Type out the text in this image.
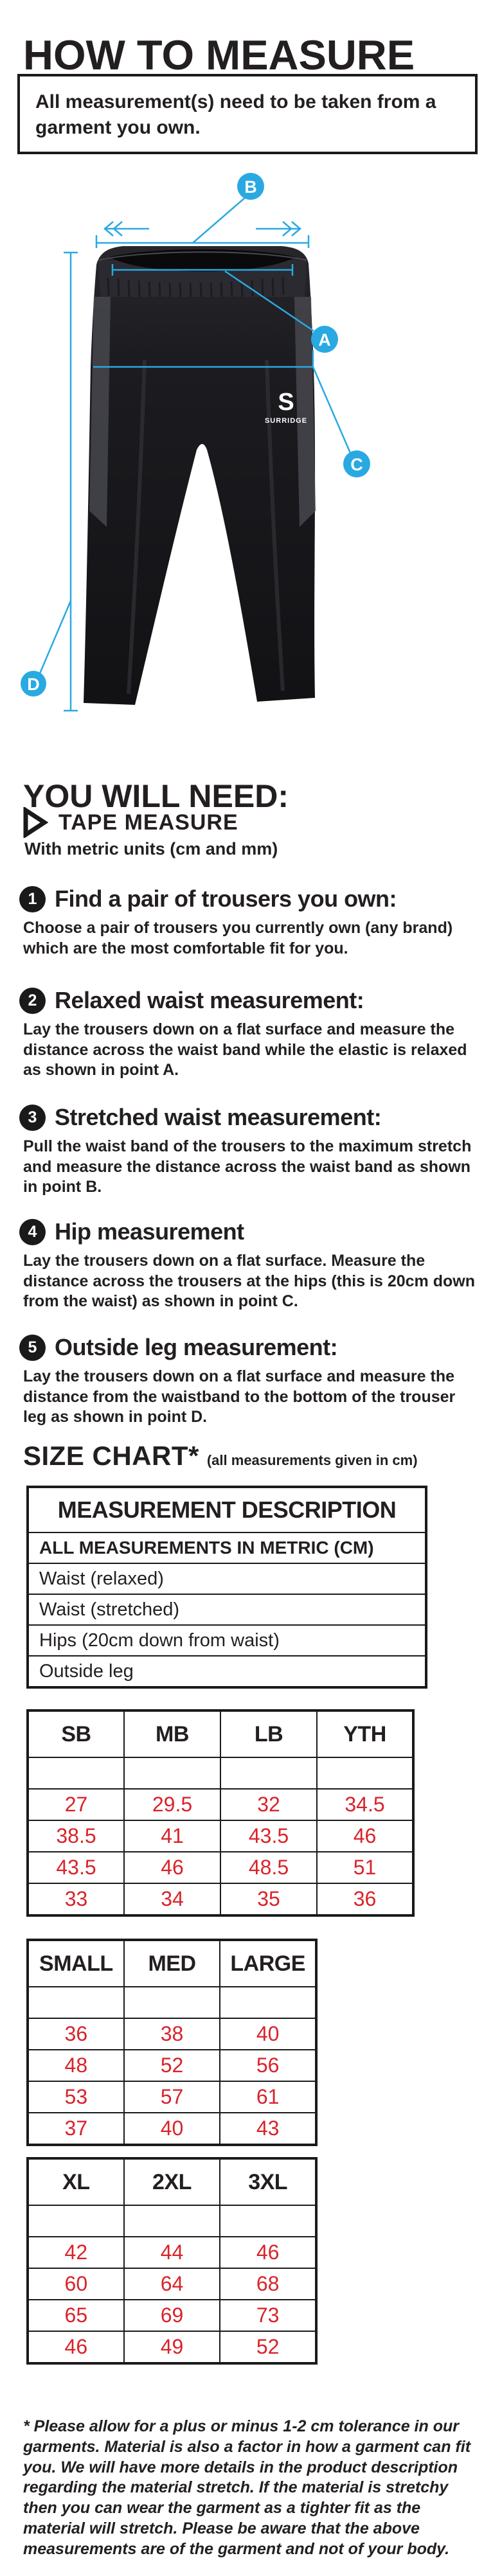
HOW TO MEASURE

All measurement(s) need to be taken from a garment you own.

S
SURRIDGE
B
A
C
D
YOU WILL NEED:
TAPE MEASURE
With metric units (cm and mm)
1 Find a pair of trousers you own:

Choose a pair of trousers you currently own (any brand) which are the most comfortable fit for you.

2 Relaxed waist measurement:

Lay the trousers down on a flat surface and measure the distance across the waist band while the elastic is relaxed as shown in point A.

3 Stretched waist measurement:

Pull the waist band of the trousers to the maximum stretch and measure the distance across the waist band as shown in point B.

4 Hip measurement

Lay the trousers down on a flat surface. Measure the distance across the trousers at the hips (this is 20cm down from the waist) as shown in point C.

5 Outside leg measurement:

Lay the trousers down on a flat surface and measure the distance from the waistband to the bottom of the trouser leg as shown in point D.

SIZE CHART* (all measurements given in cm)
MEASUREMENT DESCRIPTION
ALL MEASUREMENTS IN METRIC (CM)
Waist (relaxed)
Waist (stretched)
Hips (20cm down from waist)
Outside leg
SB	MB	LB	YTH

27	29.5	32	34.5
38.5	41	43.5	46
43.5	46	48.5	51
33	34	35	36
SMALL	MED	LARGE

36	38	40
48	52	56
53	57	61
37	40	43
XL	2XL	3XL

42	44	46
60	64	68
65	69	73
46	49	52

* Please allow for a plus or minus 1-2 cm tolerance in our garments. Material is also a factor in how a garment can fit you. We will have more details in the product description regarding the material stretch. If the material is stretchy then you can wear the garment as a tighter fit as the material will stretch. Please be aware that the above measurements are of the garment and not of your body.
